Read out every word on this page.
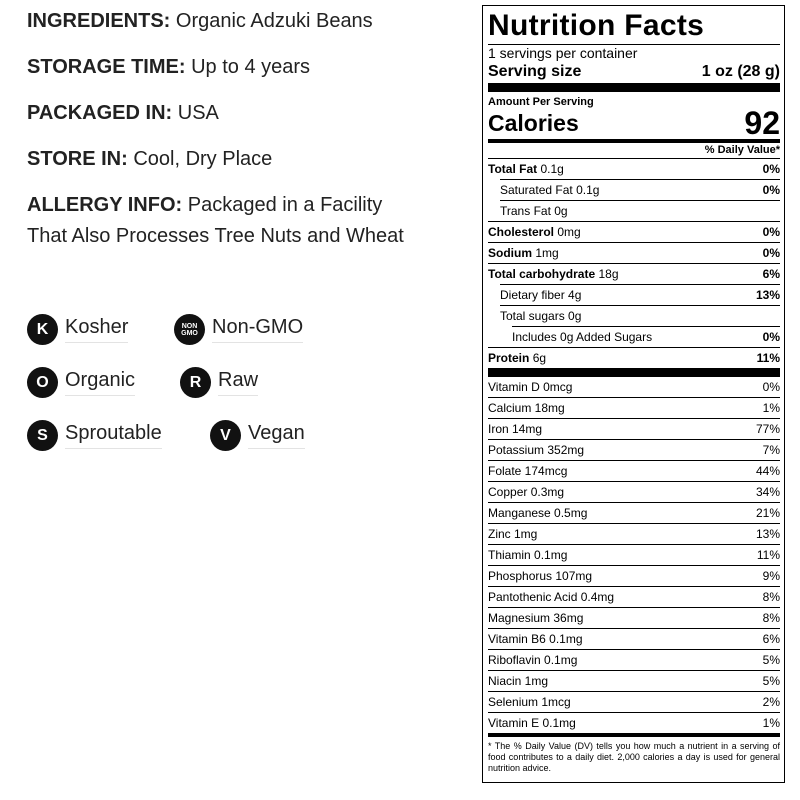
INGREDIENTS: Organic Adzuki Beans

STORAGE TIME: Up to 4 years

PACKAGED IN: USA

STORE IN: Cool, Dry Place

ALLERGY INFO: Packaged in a Facility That Also Processes Tree Nuts and Wheat

K Kosher	NON
GMO Non-GMO
O Organic	R Raw
S Sproutable	V Vegan
Nutrition Facts
1 servings per container
Serving size	1 oz (28 g)
Amount Per Serving
Calories	92
% Daily Value*
Total Fat 0.1g	0%
Saturated Fat 0.1g	0%
Trans Fat 0g
Cholesterol 0mg	0%
Sodium 1mg	0%
Total carbohydrate 18g	6%
Dietary fiber 4g	13%
Total sugars 0g
Includes 0g Added Sugars	0%
Protein 6g	11%
Vitamin D 0mcg	0%
Calcium 18mg	1%
Iron 14mg	77%
Potassium 352mg	7%
Folate 174mcg	44%
Copper 0.3mg	34%
Manganese 0.5mg	21%
Zinc 1mg	13%
Thiamin 0.1mg	11%
Phosphorus 107mg	9%
Pantothenic Acid 0.4mg	8%
Magnesium 36mg	8%
Vitamin B6 0.1mg	6%
Riboflavin 0.1mg	5%
Niacin 1mg	5%
Selenium 1mcg	2%
Vitamin E 0.1mg	1%
* The % Daily Value (DV) tells you how much a nutrient in a serving of food contributes to a daily diet. 2,000 calories a day is used for general nutrition advice.
